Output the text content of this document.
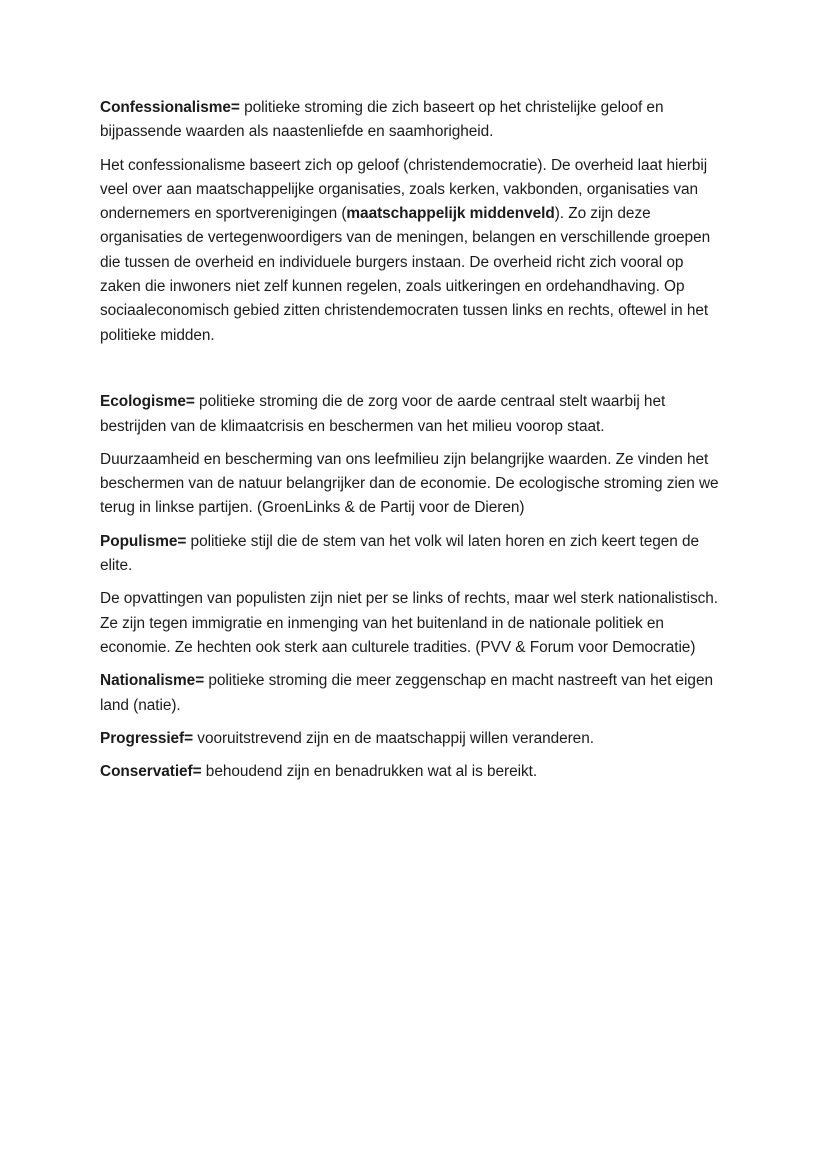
Confessionalisme= politieke stroming die zich baseert op het christelijke geloof en bijpassende waarden als naastenliefde en saamhorigheid.

Het confessionalisme baseert zich op geloof (christendemocratie). De overheid laat hierbij veel over aan maatschappelijke organisaties, zoals kerken, vakbonden, organisaties van ondernemers en sportverenigingen (maatschappelijk middenveld). Zo zijn deze organisaties de vertegenwoordigers van de meningen, belangen en verschillende groepen die tussen de overheid en individuele burgers instaan. De overheid richt zich vooral op zaken die inwoners niet zelf kunnen regelen, zoals uitkeringen en ordehandhaving. Op sociaaleconomisch gebied zitten christendemocraten tussen links en rechts, oftewel in het politieke midden.

Ecologisme= politieke stroming die de zorg voor de aarde centraal stelt waarbij het bestrijden van de klimaatcrisis en beschermen van het milieu voorop staat.

Duurzaamheid en bescherming van ons leefmilieu zijn belangrijke waarden. Ze vinden het beschermen van de natuur belangrijker dan de economie. De ecologische stroming zien we terug in linkse partijen. (GroenLinks & de Partij voor de Dieren)

Populisme= politieke stijl die de stem van het volk wil laten horen en zich keert tegen de elite.

De opvattingen van populisten zijn niet per se links of rechts, maar wel sterk nationalistisch. Ze zijn tegen immigratie en inmenging van het buitenland in de nationale politiek en economie. Ze hechten ook sterk aan culturele tradities. (PVV & Forum voor Democratie)

Nationalisme= politieke stroming die meer zeggenschap en macht nastreeft van het eigen land (natie).

Progressief= vooruitstrevend zijn en de maatschappij willen veranderen.

Conservatief= behoudend zijn en benadrukken wat al is bereikt.
